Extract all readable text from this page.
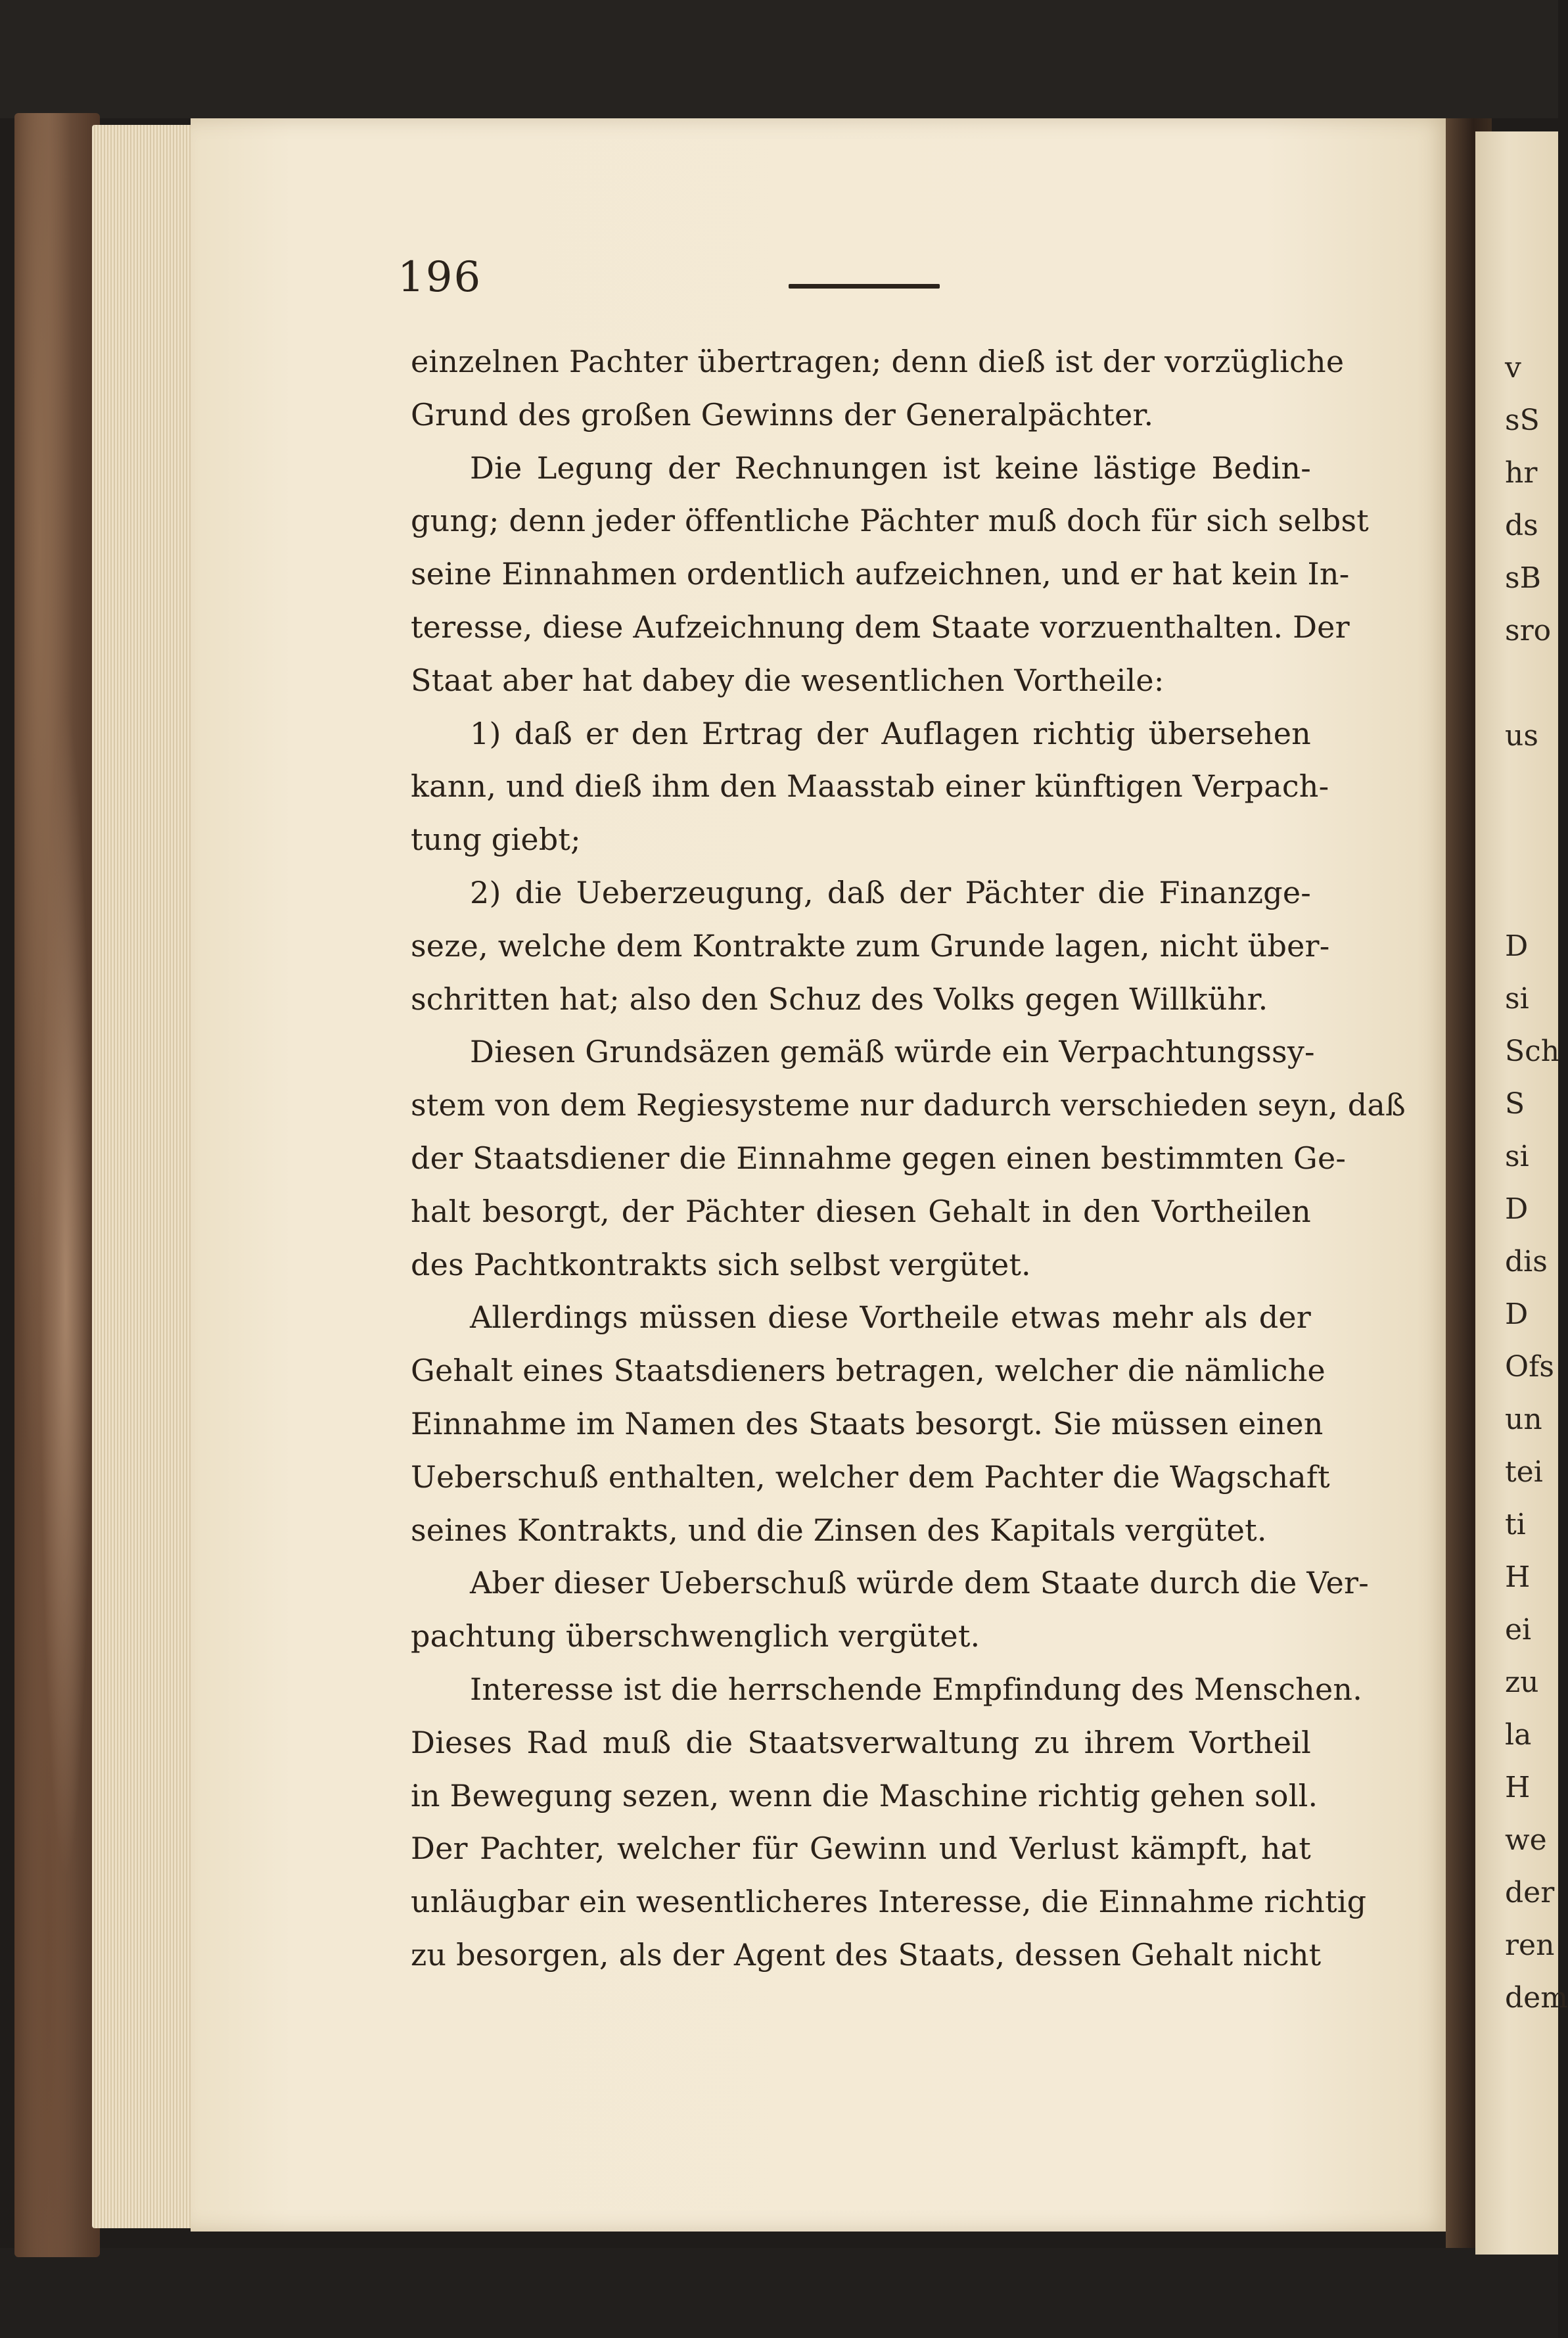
v
sS
hr
ds
sB
sro

us

D
si
Sch
S
si
D
dis
D
Ofs
un
tei
ti
H
ei
zu
la
H
we
der
ren
dem
196
einzelnen Pachter übertragen; denn dieß ist der vorzügliche
Grund des großen Gewinns der Generalpächter.
Die Legung der Rechnungen ist keine lästige Bedin-
gung; denn jeder öffentliche Pächter muß doch für sich selbst
seine Einnahmen ordentlich aufzeichnen, und er hat kein In-
teresse, diese Aufzeichnung dem Staate vorzuenthalten. Der
Staat aber hat dabey die wesentlichen Vortheile:
1) daß er den Ertrag der Auflagen richtig übersehen
kann, und dieß ihm den Maasstab einer künftigen Verpach-
tung giebt;
2) die Ueberzeugung, daß der Pächter die Finanzge-
seze, welche dem Kontrakte zum Grunde lagen, nicht über-
schritten hat; also den Schuz des Volks gegen Willkühr.
Diesen Grundsäzen gemäß würde ein Verpachtungssy-
stem von dem Regiesysteme nur dadurch verschieden seyn, daß
der Staatsdiener die Einnahme gegen einen bestimmten Ge-
halt besorgt, der Pächter diesen Gehalt in den Vortheilen
des Pachtkontrakts sich selbst vergütet.
Allerdings müssen diese Vortheile etwas mehr als der
Gehalt eines Staatsdieners betragen, welcher die nämliche
Einnahme im Namen des Staats besorgt. Sie müssen einen
Ueberschuß enthalten, welcher dem Pachter die Wagschaft
seines Kontrakts, und die Zinsen des Kapitals vergütet.
Aber dieser Ueberschuß würde dem Staate durch die Ver-
pachtung überschwenglich vergütet.
Interesse ist die herrschende Empfindung des Menschen.
Dieses Rad muß die Staatsverwaltung zu ihrem Vortheil
in Bewegung sezen, wenn die Maschine richtig gehen soll.
Der Pachter, welcher für Gewinn und Verlust kämpft, hat
unläugbar ein wesentlicheres Interesse, die Einnahme richtig
zu besorgen, als der Agent des Staats, dessen Gehalt nicht
